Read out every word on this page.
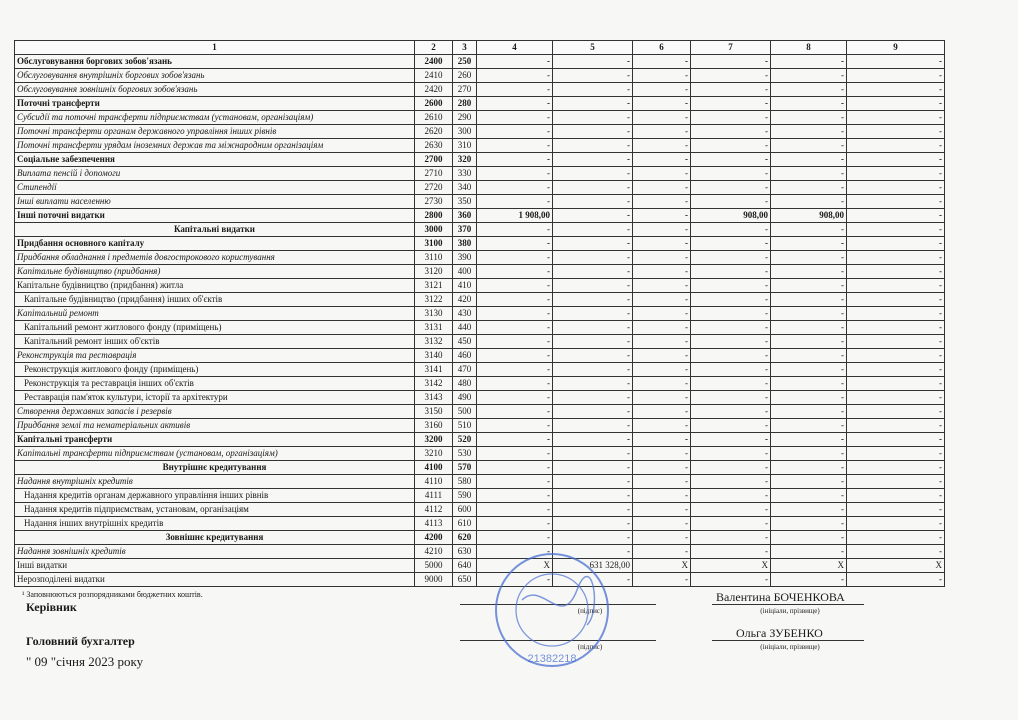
1	2	3	4	5	6	7	8	9
Обслуговування боргових зобов'язань	2400	250	-	-	-	-	-	-
Обслуговування внутрішніх боргових зобов'язань	2410	260	-	-	-	-	-	-
Обслуговування зовнішніх боргових зобов'язань	2420	270	-	-	-	-	-	-
Поточні трансферти	2600	280	-	-	-	-	-	-
Субсидії та поточні трансферти підприємствам (установам, організаціям)	2610	290	-	-	-	-	-	-
Поточні трансферти органам державного управління інших рівнів	2620	300	-	-	-	-	-	-
Поточні трансферти урядам іноземних держав та міжнародним організаціям	2630	310	-	-	-	-	-	-
Соціальне забезпечення	2700	320	-	-	-	-	-	-
Виплата пенсій і допомоги	2710	330	-	-	-	-	-	-
Стипендії	2720	340	-	-	-	-	-	-
Інші виплати населенню	2730	350	-	-	-	-	-	-
Інші поточні видатки	2800	360	1 908,00	-	-	908,00	908,00	-
Капітальні видатки	3000	370	-	-	-	-	-	-
Придбання основного капіталу	3100	380	-	-	-	-	-	-
Придбання обладнання і предметів довгострокового користування	3110	390	-	-	-	-	-	-
Капітальне будівництво (придбання)	3120	400	-	-	-	-	-	-
Капітальне будівництво (придбання) житла	3121	410	-	-	-	-	-	-
Капітальне будівництво (придбання) інших об'єктів	3122	420	-	-	-	-	-	-
Капітальний ремонт	3130	430	-	-	-	-	-	-
Капітальний ремонт житлового фонду (приміщень)	3131	440	-	-	-	-	-	-
Капітальний ремонт інших об'єктів	3132	450	-	-	-	-	-	-
Реконструкція та реставрація	3140	460	-	-	-	-	-	-
Реконструкція житлового фонду (приміщень)	3141	470	-	-	-	-	-	-
Реконструкція та реставрація інших об'єктів	3142	480	-	-	-	-	-	-
Реставрація пам'яток культури, історії та архітектури	3143	490	-	-	-	-	-	-
Створення державних запасів і резервів	3150	500	-	-	-	-	-	-
Придбання землі та нематеріальних активів	3160	510	-	-	-	-	-	-
Капітальні трансферти	3200	520	-	-	-	-	-	-
Капітальні трансферти підприємствам (установам, організаціям)	3210	530	-	-	-	-	-	-
Внутрішнє кредитування	4100	570	-	-	-	-	-	-
Надання внутрішніх кредитів	4110	580	-	-	-	-	-	-
Надання кредитів органам державного управління інших рівнів	4111	590	-	-	-	-	-	-
Надання кредитів підприємствам, установам, організаціям	4112	600	-	-	-	-	-	-
Надання інших внутрішніх кредитів	4113	610	-	-	-	-	-	-
Зовнішнє кредитування	4200	620	-	-	-	-	-	-
Надання зовнішніх кредитів	4210	630	-	-	-	-	-	-
Інші видатки	5000	640	X	631 328,00	X	X	X	X
Нерозподілені видатки	9000	650	-	-	-	-	-	-
¹ Заповнюються розпорядниками бюджетних коштів.
Керівник	(підпис)
Валентина БОЧЕНКОВА
(ініціали, прізвище)
Головний бухгалтер	(підпис)
Ольга ЗУБЕНКО
(ініціали, прізвище)
" 09 "січня 2023 року	21382218
